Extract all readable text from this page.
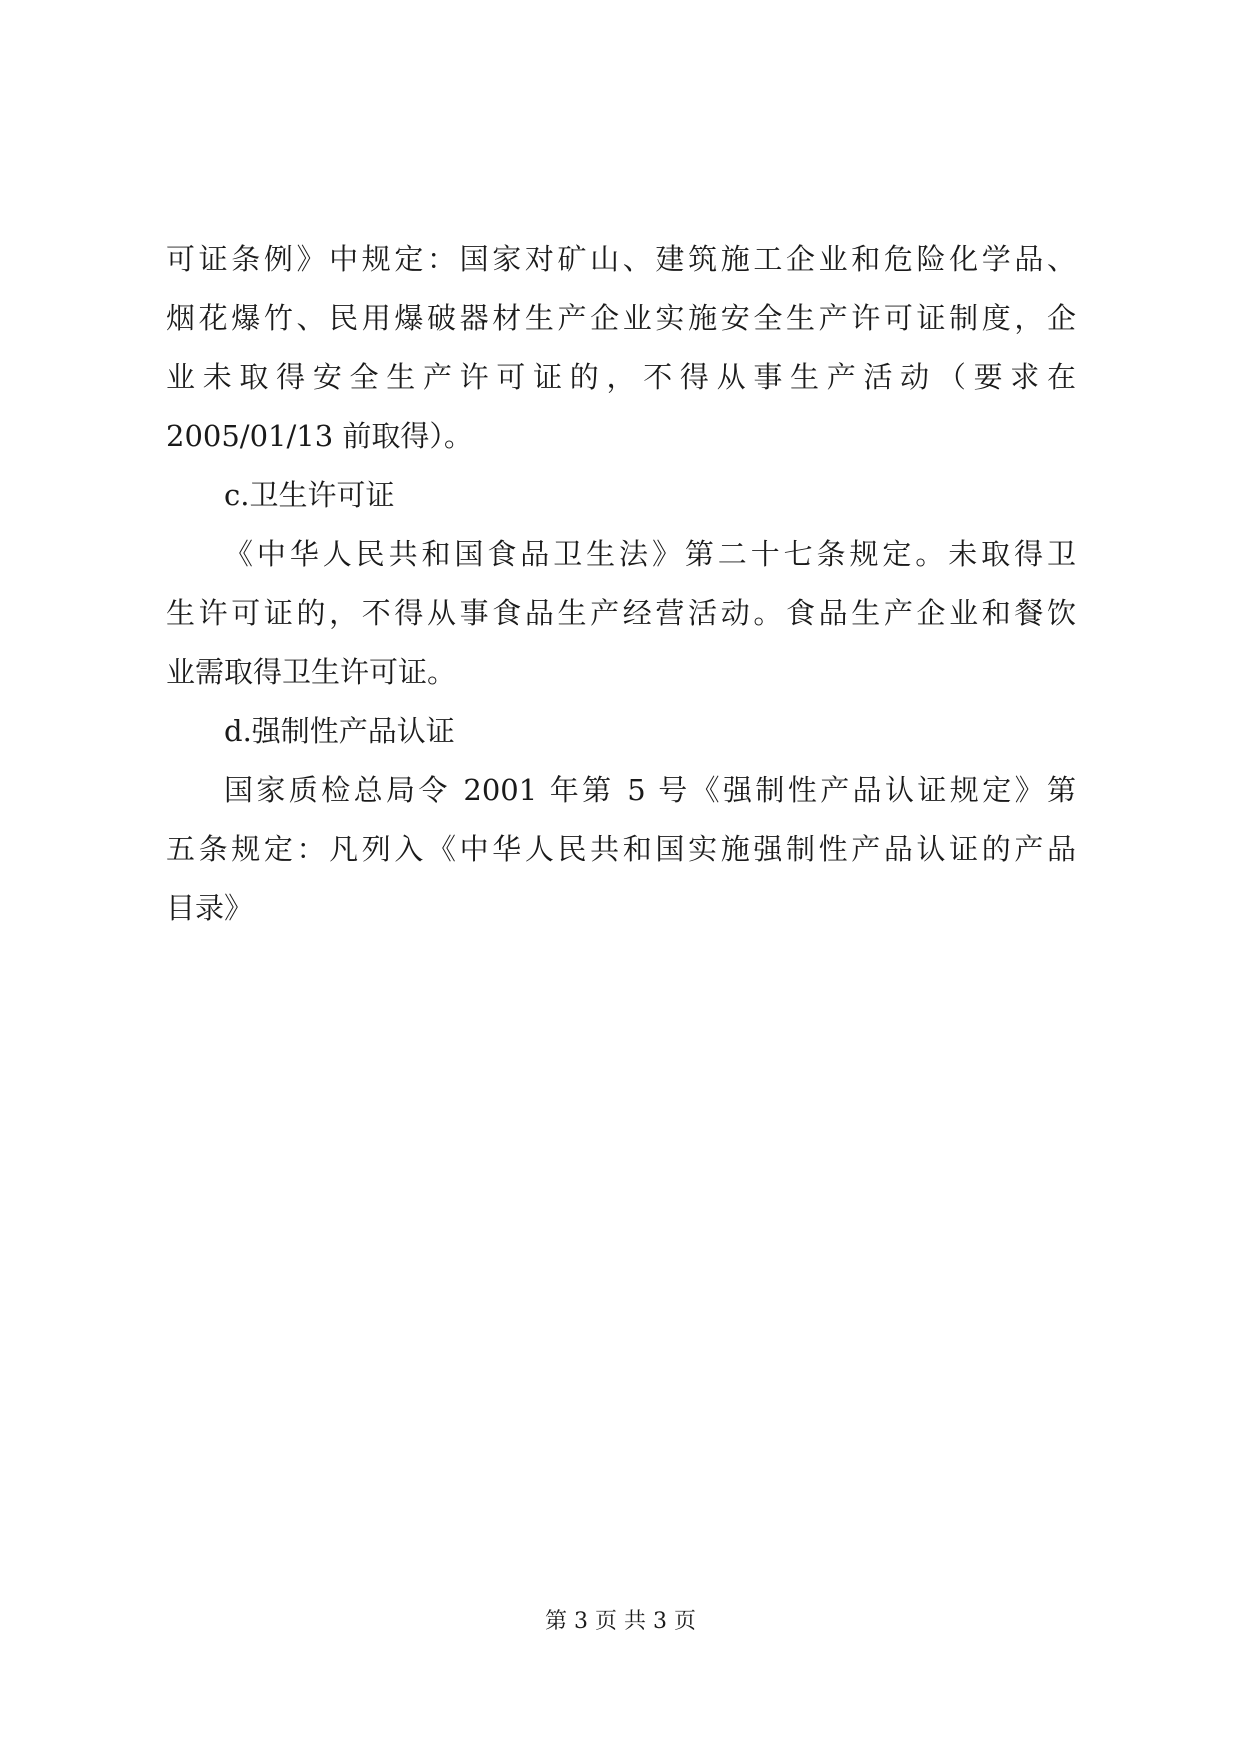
可证条例》中规定：国家对矿山、建筑施工企业和危险化学品、
烟花爆竹、民用爆破器材生产企业实施安全生产许可证制度，企
业未取得安全生产许可证的，不得从事生产活动（要求在
2005/01/13 前取得）。
c.卫生许可证
《中华人民共和国食品卫生法》第二十七条规定。未取得卫
生许可证的，不得从事食品生产经营活动。食品生产企业和餐饮
业需取得卫生许可证。
d.强制性产品认证
国家质检总局令 2001 年第 5 号《强制性产品认证规定》第
五条规定：凡列入《中华人民共和国实施强制性产品认证的产品
目录》
第 3 页 共 3 页
